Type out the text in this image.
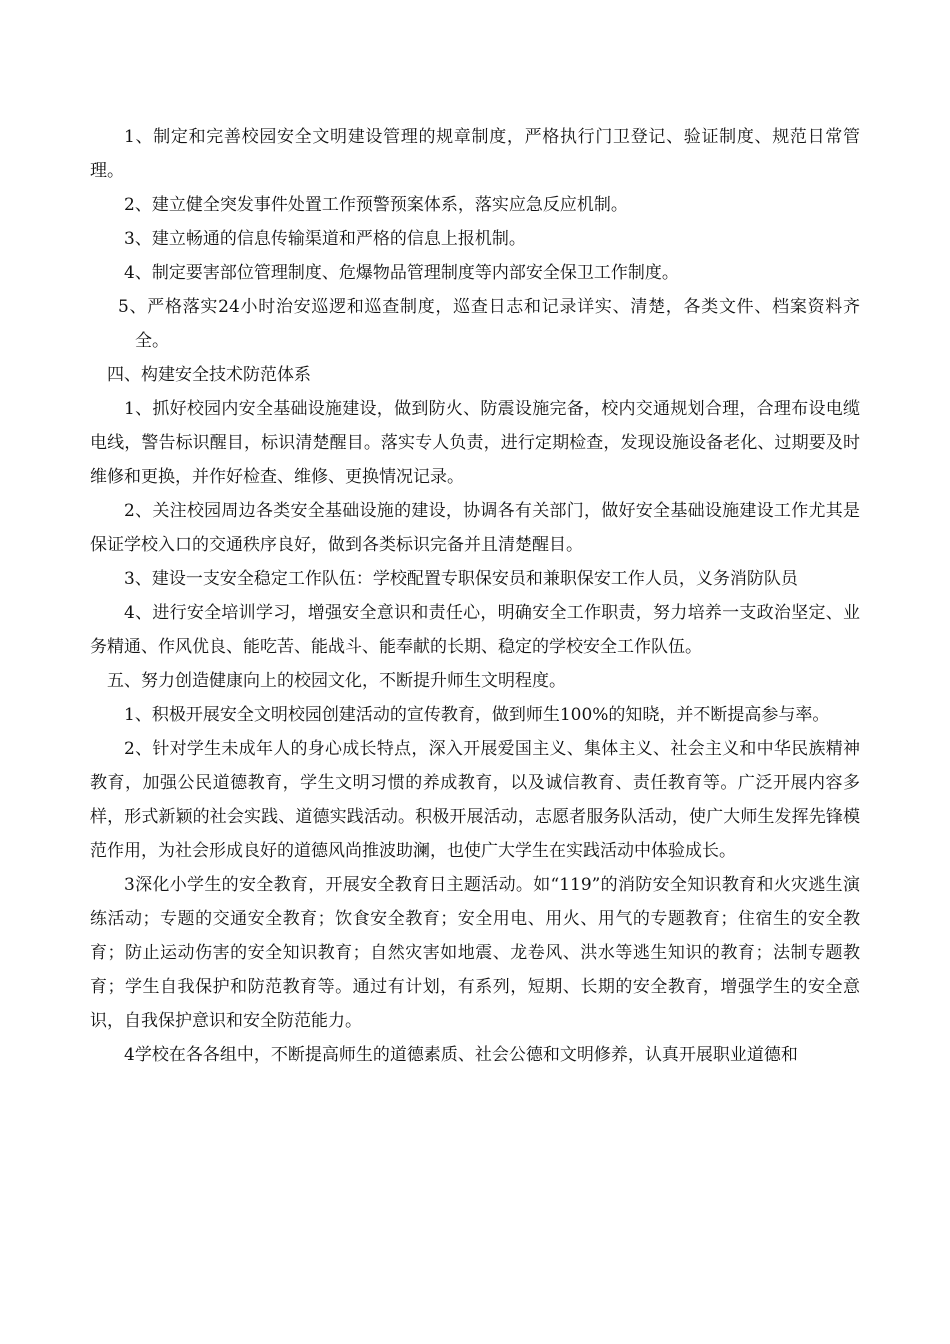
1、制定和完善校园安全文明建设管理的规章制度，严格执行门卫登记、验证制度、规范日常管理。

2、建立健全突发事件处置工作预警预案体系，落实应急反应机制。

3、建立畅通的信息传输渠道和严格的信息上报机制。

4、制定要害部位管理制度、危爆物品管理制度等内部安全保卫工作制度。

5、严格落实24小时治安巡逻和巡查制度，巡查日志和记录详实、清楚，各类文件、档案资料齐全。

四、构建安全技术防范体系

1、抓好校园内安全基础设施建设，做到防火、防震设施完备，校内交通规划合理，合理布设电缆电线，警告标识醒目，标识清楚醒目。落实专人负责，进行定期检查，发现设施设备老化、过期要及时维修和更换，并作好检查、维修、更换情况记录。

2、关注校园周边各类安全基础设施的建设，协调各有关部门，做好安全基础设施建设工作尤其是保证学校入口的交通秩序良好，做到各类标识完备并且清楚醒目。

3、建设一支安全稳定工作队伍：学校配置专职保安员和兼职保安工作人员，义务消防队员

4、进行安全培训学习，增强安全意识和责任心，明确安全工作职责，努力培养一支政治坚定、业务精通、作风优良、能吃苦、能战斗、能奉献的长期、稳定的学校安全工作队伍。

五、努力创造健康向上的校园文化，不断提升师生文明程度。

1、积极开展安全文明校园创建活动的宣传教育，做到师生100%的知晓，并不断提高参与率。

2、针对学生未成年人的身心成长特点，深入开展爱国主义、集体主义、社会主义和中华民族精神教育，加强公民道德教育，学生文明习惯的养成教育，以及诚信教育、责任教育等。广泛开展内容多样，形式新颖的社会实践、道德实践活动。积极开展活动，志愿者服务队活动，使广大师生发挥先锋模范作用，为社会形成良好的道德风尚推波助澜，也使广大学生在实践活动中体验成长。

3深化小学生的安全教育，开展安全教育日主题活动。如“119”的消防安全知识教育和火灾逃生演练活动；专题的交通安全教育；饮食安全教育；安全用电、用火、用气的专题教育；住宿生的安全教育；防止运动伤害的安全知识教育；自然灾害如地震、龙卷风、洪水等逃生知识的教育；法制专题教育；学生自我保护和防范教育等。通过有计划，有系列，短期、长期的安全教育，增强学生的安全意识，自我保护意识和安全防范能力。

4学校在各各组中，不断提高师生的道德素质、社会公德和文明修养，认真开展职业道德和
